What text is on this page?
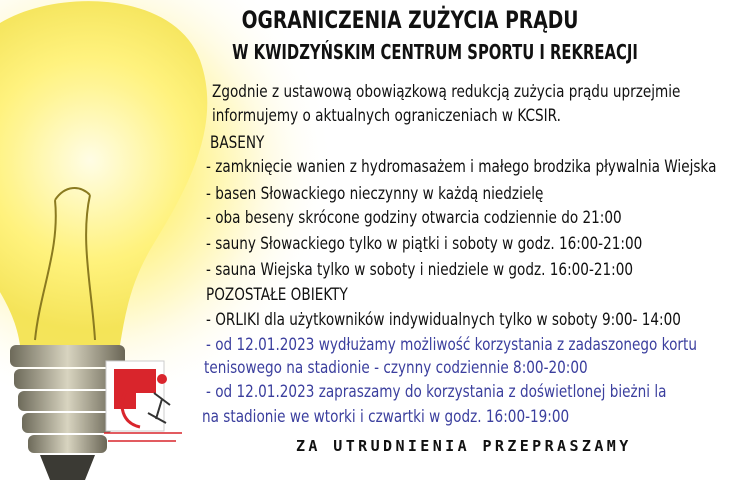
OGRANICZENIA ZUŻYCIA PRĄDU
W KWIDZYŃSKIM CENTRUM SPORTU I REKREACJI
Zgodnie z ustawową obowiązkową redukcją zużycia prądu uprzejmie
informujemy o aktualnych ograniczeniach w KCSIR.
BASENY
- zamknięcie wanien z hydromasażem i małego brodzika pływalnia Wiejska
- basen Słowackiego nieczynny w każdą niedzielę
- oba beseny skrócone godziny otwarcia codziennie do 21:00
- sauny Słowackiego tylko w piątki i soboty w godz. 16:00-21:00
- sauna Wiejska tylko w soboty i niedziele w godz. 16:00-21:00
POZOSTAŁE OBIEKTY
- ORLIKI dla użytkowników indywidualnych tylko w soboty 9:00- 14:00
- od 12.01.2023 wydłużamy możliwość korzystania z zadaszonego kortu
tenisowego na stadionie - czynny codziennie 8:00-20:00
- od 12.01.2023 zapraszamy do korzystania z doświetlonej bieżni la
na stadionie we wtorki i czwartki w godz. 16:00-19:00
ZA UTRUDNIENIA PRZEPRASZAMY
